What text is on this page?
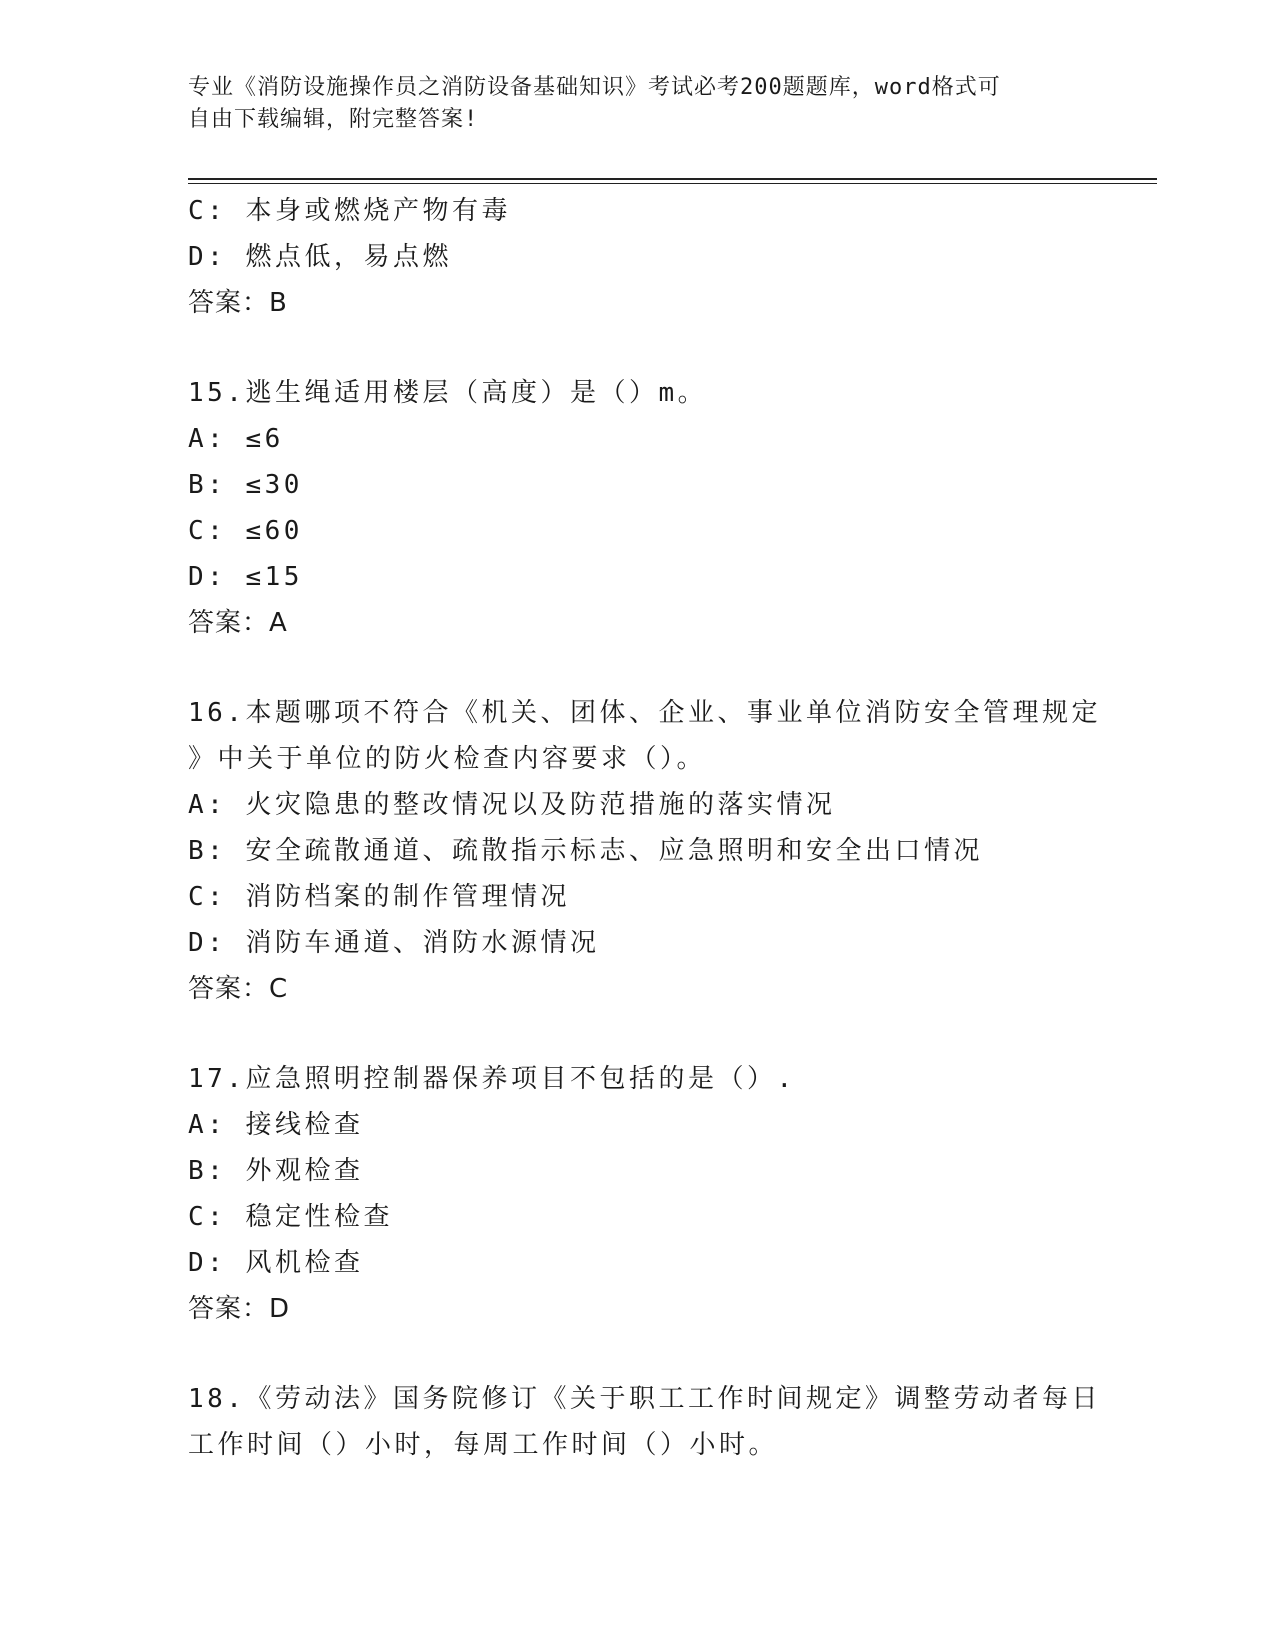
专业《消防设施操作员之消防设备基础知识》考试必考200题题库，word格式可
自由下载编辑，附完整答案!
C: 本身或燃烧产物有毒
D: 燃点低，易点燃
答案：B
15.逃生绳适用楼层（高度）是（）m。
A: ≤6
B: ≤30
C: ≤60
D: ≤15
答案：A
16.本题哪项不符合《机关、团体、企业、事业单位消防安全管理规定
》中关于单位的防火检查内容要求（）。
A: 火灾隐患的整改情况以及防范措施的落实情况
B: 安全疏散通道、疏散指示标志、应急照明和安全出口情况
C: 消防档案的制作管理情况
D: 消防车通道、消防水源情况
答案：C
17.应急照明控制器保养项目不包括的是（）.
A: 接线检查
B: 外观检查
C: 稳定性检查
D: 风机检查
答案：D
18.《劳动法》国务院修订《关于职工工作时间规定》调整劳动者每日
工作时间（）小时，每周工作时间（）小时。
